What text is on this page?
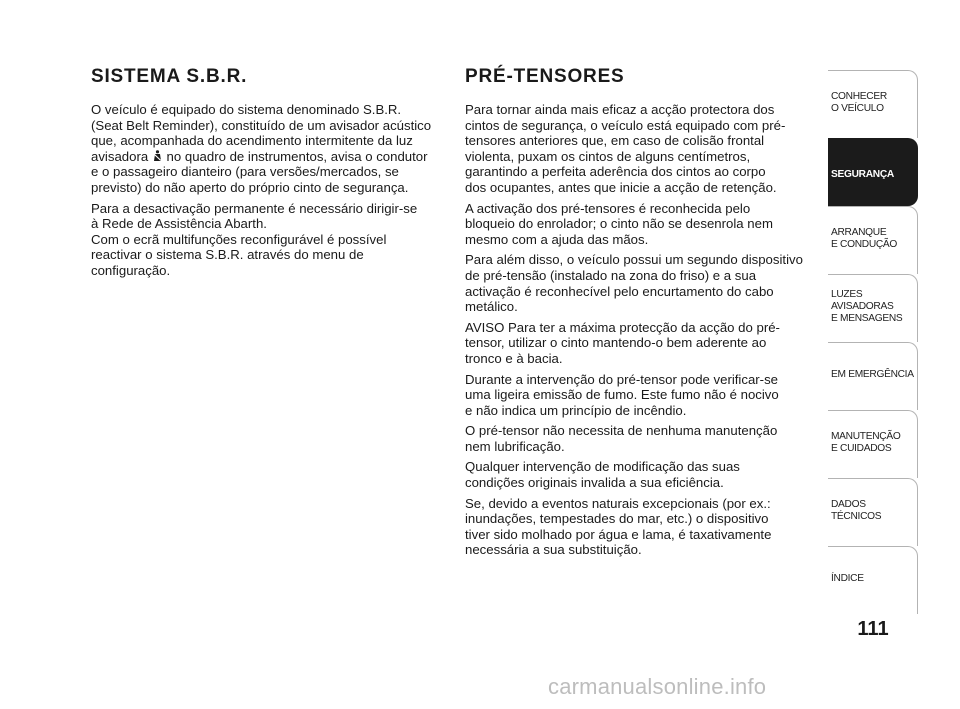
SISTEMA S.B.R.

O veículo é equipado do sistema denominado S.B.R.
(Seat Belt Reminder), constituído de um avisador acústico
que, acompanhada do acendimento intermitente da luz
avisadora no quadro de instrumentos, avisa o condutor
e o passageiro dianteiro (para versões/mercados, se
previsto) do não aperto do próprio cinto de segurança.

Para a desactivação permanente é necessário dirigir-se
à Rede de Assistência Abarth.
Com o ecrã multifunções reconfigurável é possível
reactivar o sistema S.B.R. através do menu de
configuração.

PRÉ-TENSORES

Para tornar ainda mais eficaz a acção protectora dos
cintos de segurança, o veículo está equipado com pré-
tensores anteriores que, em caso de colisão frontal
violenta, puxam os cintos de alguns centímetros,
garantindo a perfeita aderência dos cintos ao corpo
dos ocupantes, antes que inicie a acção de retenção.

A activação dos pré-tensores é reconhecida pelo
bloqueio do enrolador; o cinto não se desenrola nem
mesmo com a ajuda das mãos.

Para além disso, o veículo possui um segundo dispositivo
de pré-tensão (instalado na zona do friso) e a sua
activação é reconhecível pelo encurtamento do cabo
metálico.

AVISO Para ter a máxima protecção da acção do pré-
tensor, utilizar o cinto mantendo-o bem aderente ao
tronco e à bacia.

Durante a intervenção do pré-tensor pode verificar-se
uma ligeira emissão de fumo. Este fumo não é nocivo
e não indica um princípio de incêndio.

O pré-tensor não necessita de nenhuma manutenção
nem lubrificação.

Qualquer intervenção de modificação das suas
condições originais invalida a sua eficiência.

Se, devido a eventos naturais excepcionais (por ex.:
inundações, tempestades do mar, etc.) o dispositivo
tiver sido molhado por água e lama, é taxativamente
necessária a sua substituição.

CONHECER
O VEÍCULO
SEGURANÇA
ARRANQUE
E CONDUÇÃO
LUZES
AVISADORAS
E MENSAGENS
EM EMERGÊNCIA
MANUTENÇÃO
E CUIDADOS
DADOS
TÉCNICOS
ÍNDICE
111
carmanualsonline.info
